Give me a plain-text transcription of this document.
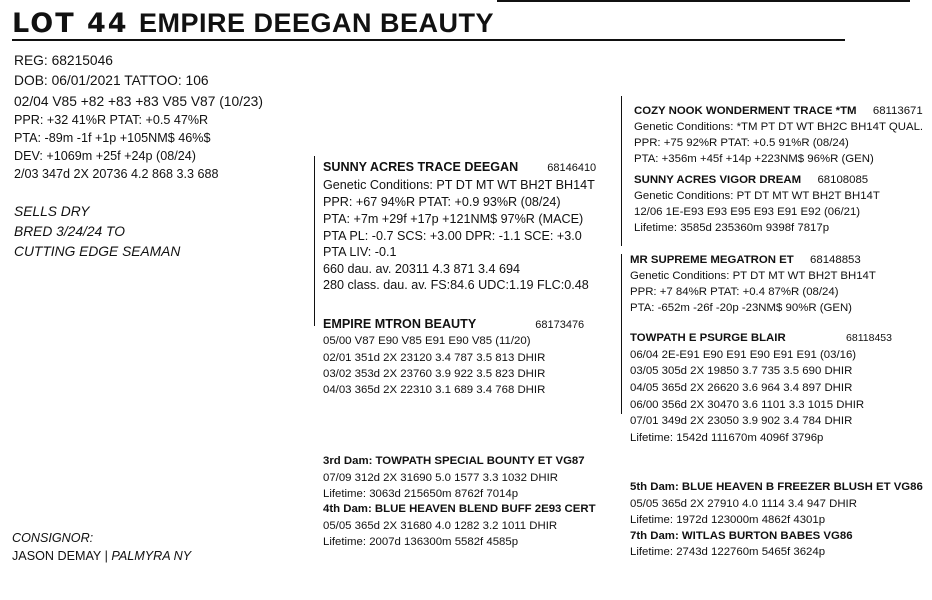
LOT 44 EMPIRE DEEGAN BEAUTY
REG: 68215046
DOB: 06/01/2021 TATTOO: 106
02/04 V85 +82 +83 +83 V85 V87 (10/23)
PPR: +32 41%R PTAT: +0.5 47%R
PTA: -89m -1f +1p +105NM$ 46%$
DEV: +1069m +25f +24p (08/24)
2/03 347d 2X 20736 4.2 868 3.3 688
SELLS DRY
BRED 3/24/24 TO
CUTTING EDGE SEAMAN
CONSIGNOR:
JASON DEMAY | PALMYRA NY
SUNNY ACRES TRACE DEEGAN	68146410
Genetic Conditions: PT DT MT WT BH2T BH14T
PPR: +67 94%R PTAT: +0.9 93%R (08/24)
PTA: +7m +29f +17p +121NM$ 97%R (MACE)
PTA PL: -0.7 SCS: +3.00 DPR: -1.1 SCE: +3.0
PTA LIV: -0.1
660 dau. av. 20311 4.3 871 3.4 694
280 class. dau. av. FS:84.6 UDC:1.19 FLC:0.48
EMPIRE MTRON BEAUTY	68173476
05/00 V87 E90 V85 E91 E90 V85 (11/20)
02/01 351d 2X 23120 3.4 787 3.5 813 DHIR
03/02 353d 2X 23760 3.9 922 3.5 823 DHIR
04/03 365d 2X 22310 3.1 689 3.4 768 DHIR
COZY NOOK WONDERMENT TRACE *TM 68113671
Genetic Conditions: *TM PT DT WT BH2C BH14T QUAL.
PPR: +75 92%R PTAT: +0.5 91%R (08/24)
PTA: +356m +45f +14p +223NM$ 96%R (GEN)
SUNNY ACRES VIGOR DREAM 68108085
Genetic Conditions: PT DT MT WT BH2T BH14T
12/06 1E-E93 E93 E95 E93 E91 E92 (06/21)
Lifetime: 3585d 235360m 9398f 7817p
MR SUPREME MEGATRON ET 68148853
Genetic Conditions: PT DT MT WT BH2T BH14T
PPR: +7 84%R PTAT: +0.4 87%R (08/24)
PTA: -652m -26f -20p -23NM$ 90%R (GEN)
TOWPATH E PSURGE BLAIR	68118453
06/04 2E-E91 E90 E91 E90 E91 E91 (03/16)
03/05 305d 2X 19850 3.7 735 3.5 690 DHIR
04/05 365d 2X 26620 3.6 964 3.4 897 DHIR
06/00 356d 2X 30470 3.6 1101 3.3 1015 DHIR
07/01 349d 2X 23050 3.9 902 3.4 784 DHIR
Lifetime: 1542d 111670m 4096f 3796p
3rd Dam: TOWPATH SPECIAL BOUNTY ET VG87
07/09 312d 2X 31690 5.0 1577 3.3 1032 DHIR
Lifetime: 3063d 215650m 8762f 7014p
4th Dam: BLUE HEAVEN BLEND BUFF 2E93 CERT
05/05 365d 2X 31680 4.0 1282 3.2 1011 DHIR
Lifetime: 2007d 136300m 5582f 4585p
5th Dam: BLUE HEAVEN B FREEZER BLUSH ET VG86
05/05 365d 2X 27910 4.0 1114 3.4 947 DHIR
Lifetime: 1972d 123000m 4862f 4301p
7th Dam: WITLAS BURTON BABES VG86
Lifetime: 2743d 122760m 5465f 3624p
